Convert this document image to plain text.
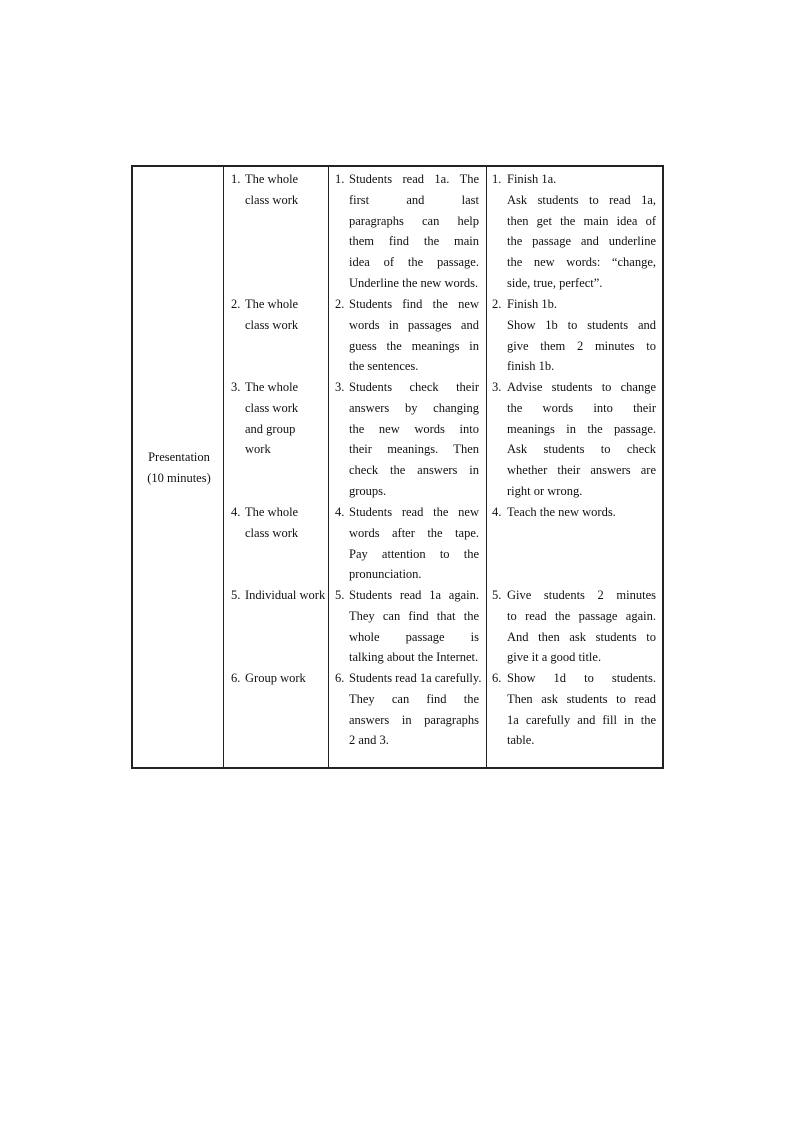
Presentation
(10 minutes)
1. The whole
class work
1. Students read 1a. The
first and last
paragraphs can help
them find the main
idea of the passage.
Underline the new words.
1. Finish 1a.
Ask students to read 1a,
then get the main idea of
the passage and underline
the new words: “change,
side, true, perfect”.
2. The whole
class work
2. Students find the new
words in passages and
guess the meanings in
the sentences.
2. Finish 1b.
Show 1b to students and
give them 2 minutes to
finish 1b.
3. The whole
class work
and group
work
3. Students check their
answers by changing
the new words into
their meanings. Then
check the answers in
groups.
3. Advise students to change
the words into their
meanings in the passage.
Ask students to check
whether their answers are
right or wrong.
4. The whole
class work
4. Students read the new
words after the tape.
Pay attention to the
pronunciation.
4. Teach the new words.
5. Individual work 5. Students read 1a again.
They can find that the
whole passage is
talking about the Internet.
5. Give students 2 minutes
to read the passage again.
And then ask students to
give it a good title.
6. Group work	6. Students read 1a carefully.
They can find the
answers in paragraphs
2 and 3.
6. Show 1d to students.
Then ask students to read
1a carefully and fill in the
table.
